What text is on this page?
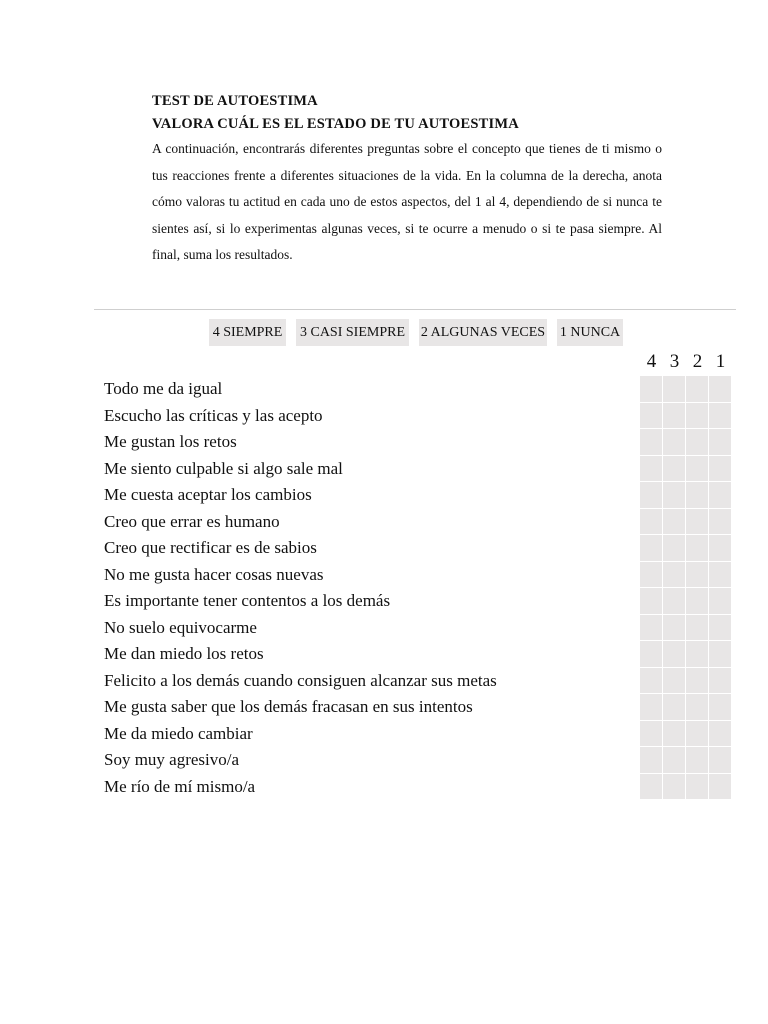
TEST DE AUTOESTIMA

VALORA CUÁL ES EL ESTADO DE TU AUTOESTIMA

A continuación, encontrarás diferentes preguntas sobre el concepto que tienes de ti mismo o tus reacciones frente a diferentes situaciones de la vida. En la columna de la derecha, anota cómo valoras tu actitud en cada uno de estos aspectos, del 1 al 4, dependiendo de si nunca te sientes así, si lo experimentas algunas veces, si te ocurre a menudo o si te pasa siempre. Al final, suma los resultados.

4 SIEMPRE 3 CASI SIEMPRE 2 ALGUNAS VECES 1 NUNCA
4 3 2 1
Todo me da igual
Escucho las críticas y las acepto
Me gustan los retos
Me siento culpable si algo sale mal
Me cuesta aceptar los cambios
Creo que errar es humano
Creo que rectificar es de sabios
No me gusta hacer cosas nuevas
Es importante tener contentos a los demás
No suelo equivocarme
Me dan miedo los retos
Felicito a los demás cuando consiguen alcanzar sus metas
Me gusta saber que los demás fracasan en sus intentos
Me da miedo cambiar
Soy muy agresivo/a
Me río de mí mismo/a
